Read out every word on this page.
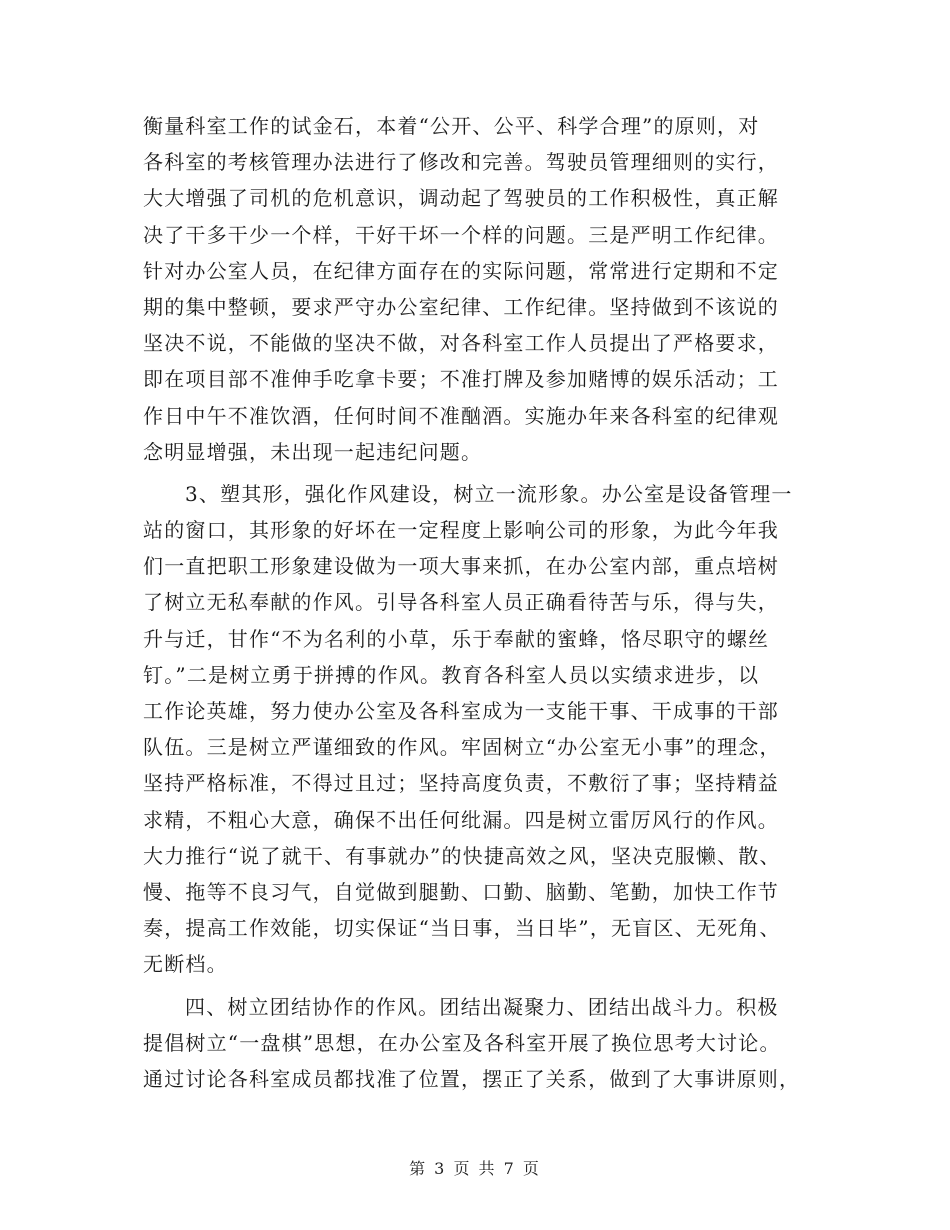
衡量科室工作的试金石，本着“公开、公平、科学合理”的原则，对
各科室的考核管理办法进行了修改和完善。驾驶员管理细则的实行，
大大增强了司机的危机意识，调动起了驾驶员的工作积极性，真正解
决了干多干少一个样，干好干坏一个样的问题。三是严明工作纪律。
针对办公室人员，在纪律方面存在的实际问题，常常进行定期和不定
期的集中整顿，要求严守办公室纪律、工作纪律。坚持做到不该说的
坚决不说，不能做的坚决不做，对各科室工作人员提出了严格要求，
即在项目部不准伸手吃拿卡要；不准打牌及参加赌博的娱乐活动；工
作日中午不准饮酒，任何时间不准酗酒。实施办年来各科室的纪律观
念明显增强，未出现一起违纪问题。
3、塑其形，强化作风建设，树立一流形象。办公室是设备管理一
站的窗口，其形象的好坏在一定程度上影响公司的形象，为此今年我
们一直把职工形象建设做为一项大事来抓，在办公室内部，重点培树
了树立无私奉献的作风。引导各科室人员正确看待苦与乐，得与失，
升与迁，甘作“不为名利的小草，乐于奉献的蜜蜂，恪尽职守的螺丝
钉。”二是树立勇于拼搏的作风。教育各科室人员以实绩求进步，以
工作论英雄，努力使办公室及各科室成为一支能干事、干成事的干部
队伍。三是树立严谨细致的作风。牢固树立“办公室无小事”的理念，
坚持严格标准，不得过且过；坚持高度负责，不敷衍了事；坚持精益
求精，不粗心大意，确保不出任何纰漏。四是树立雷厉风行的作风。
大力推行“说了就干、有事就办”的快捷高效之风，坚决克服懒、散、
慢、拖等不良习气，自觉做到腿勤、口勤、脑勤、笔勤，加快工作节
奏，提高工作效能，切实保证“当日事，当日毕”，无盲区、无死角、
无断档。
四、树立团结协作的作风。团结出凝聚力、团结出战斗力。积极
提倡树立“一盘棋”思想，在办公室及各科室开展了换位思考大讨论。
通过讨论各科室成员都找准了位置，摆正了关系，做到了大事讲原则，
第 3 页 共 7 页
